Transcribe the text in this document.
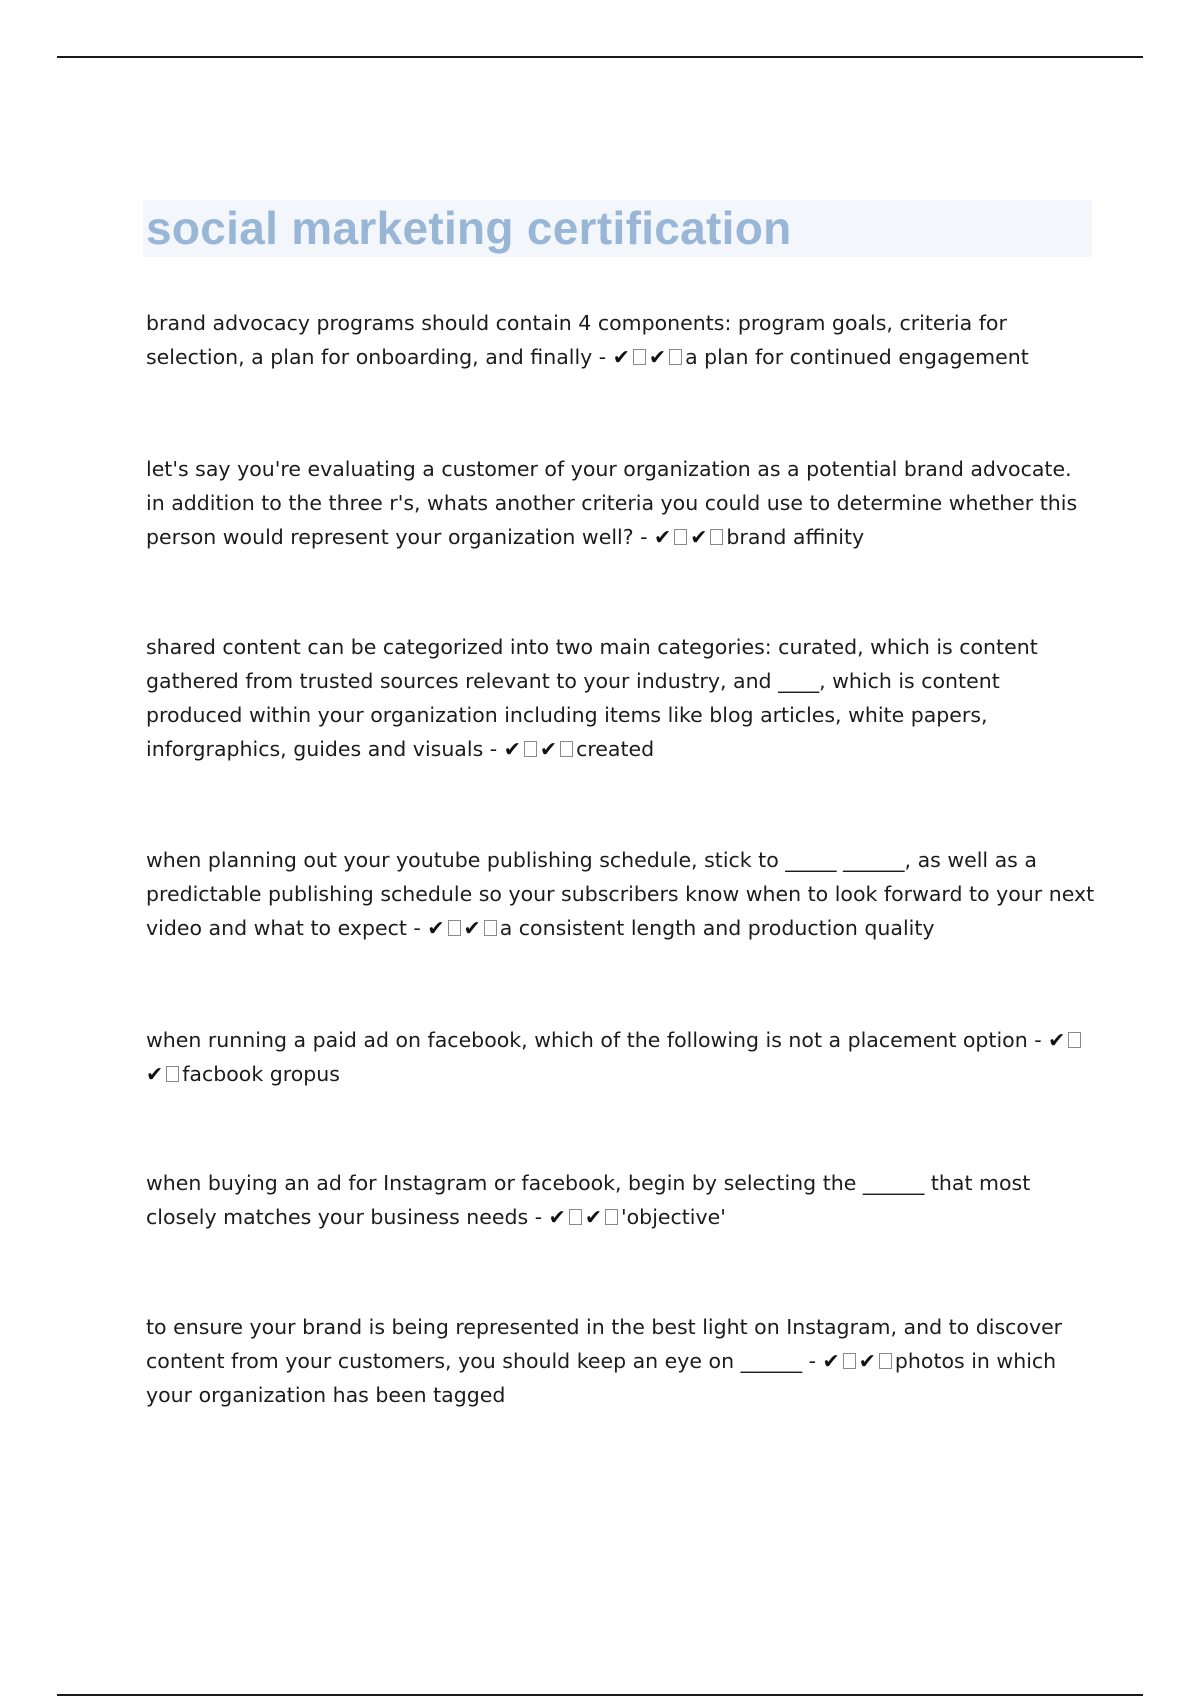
social marketing certification

brand advocacy programs should contain 4 components: program goals, criteria for selection, a plan for onboarding, and finally - ✔ ✔ a plan for continued engagement

let's say you're evaluating a customer of your organization as a potential brand advocate. in addition to the three r's, whats another criteria you could use to determine whether this person would represent your organization well? - ✔ ✔ brand affinity

shared content can be categorized into two main categories: curated, which is content gathered from trusted sources relevant to your industry, and ____, which is content produced within your organization including items like blog articles, white papers, inforgraphics, guides and visuals - ✔ ✔ created

when planning out your youtube publishing schedule, stick to _____ ______, as well as a predictable publishing schedule so your subscribers know when to look forward to your next video and what to expect - ✔ ✔ a consistent length and production quality

when running a paid ad on facebook, which of the following is not a placement option - ✔✔ facbook gropus

when buying an ad for Instagram or facebook, begin by selecting the ______ that most closely matches your business needs - ✔ ✔ 'objective'

to ensure your brand is being represented in the best light on Instagram, and to discover content from your customers, you should keep an eye on ______ - ✔ ✔ photos in which your organization has been tagged
